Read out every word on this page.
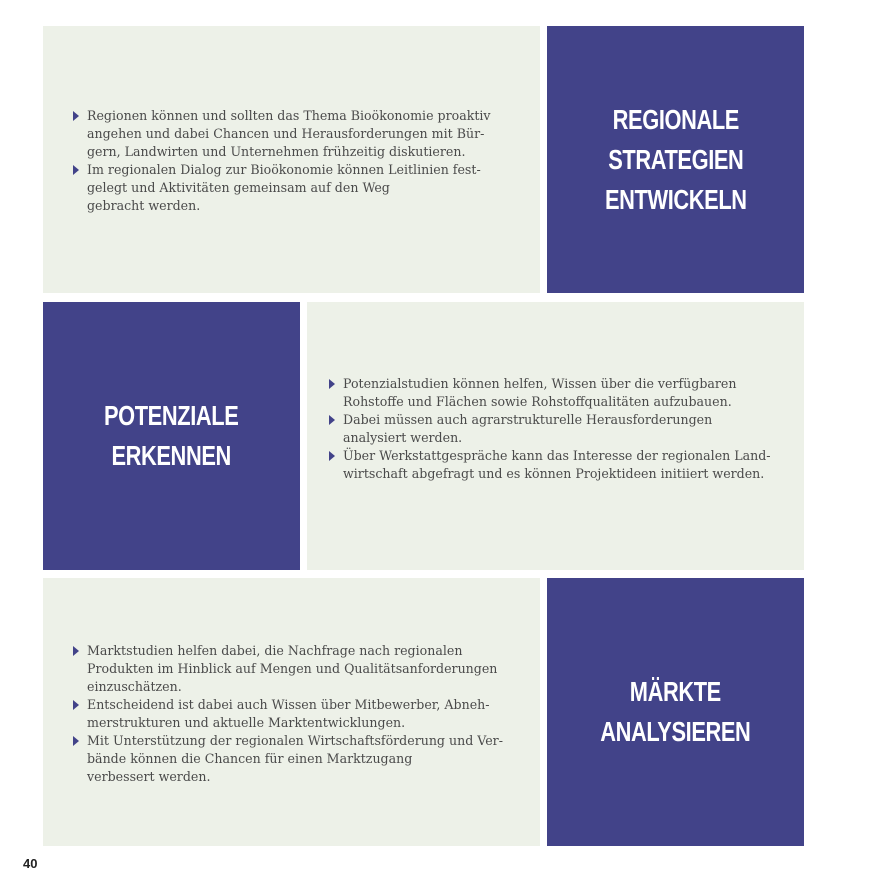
Regionen können und sollten das Thema Bioökonomie proaktiv
angehen und dabei Chancen und Herausforderungen mit Bür-
gern, Landwirten und Unternehmen frühzeitig diskutieren.
Im regionalen Dialog zur Bioökonomie können Leitlinien fest-
gelegt und Aktivitäten gemeinsam auf den Weg
gebracht werden.
REGIONALE
STRATEGIEN
ENTWICKELN
POTENZIALE
ERKENNEN
Potenzialstudien können helfen, Wissen über die verfügbaren
Rohstoffe und Flächen sowie Rohstoffqualitäten aufzubauen.
Dabei müssen auch agrarstrukturelle Herausforderungen
analysiert werden.
Über Werkstattgespräche kann das Interesse der regionalen Land-
wirtschaft abgefragt und es können Projektideen initiiert werden.
Marktstudien helfen dabei, die Nachfrage nach regionalen
Produkten im Hinblick auf Mengen und Qualitätsanforderungen
einzuschätzen.
Entscheidend ist dabei auch Wissen über Mitbewerber, Abneh-
merstrukturen und aktuelle Marktentwicklungen.
Mit Unterstützung der regionalen Wirtschaftsförderung und Ver-
bände können die Chancen für einen Marktzugang
verbessert werden.
MÄRKTE
ANALYSIEREN
40
